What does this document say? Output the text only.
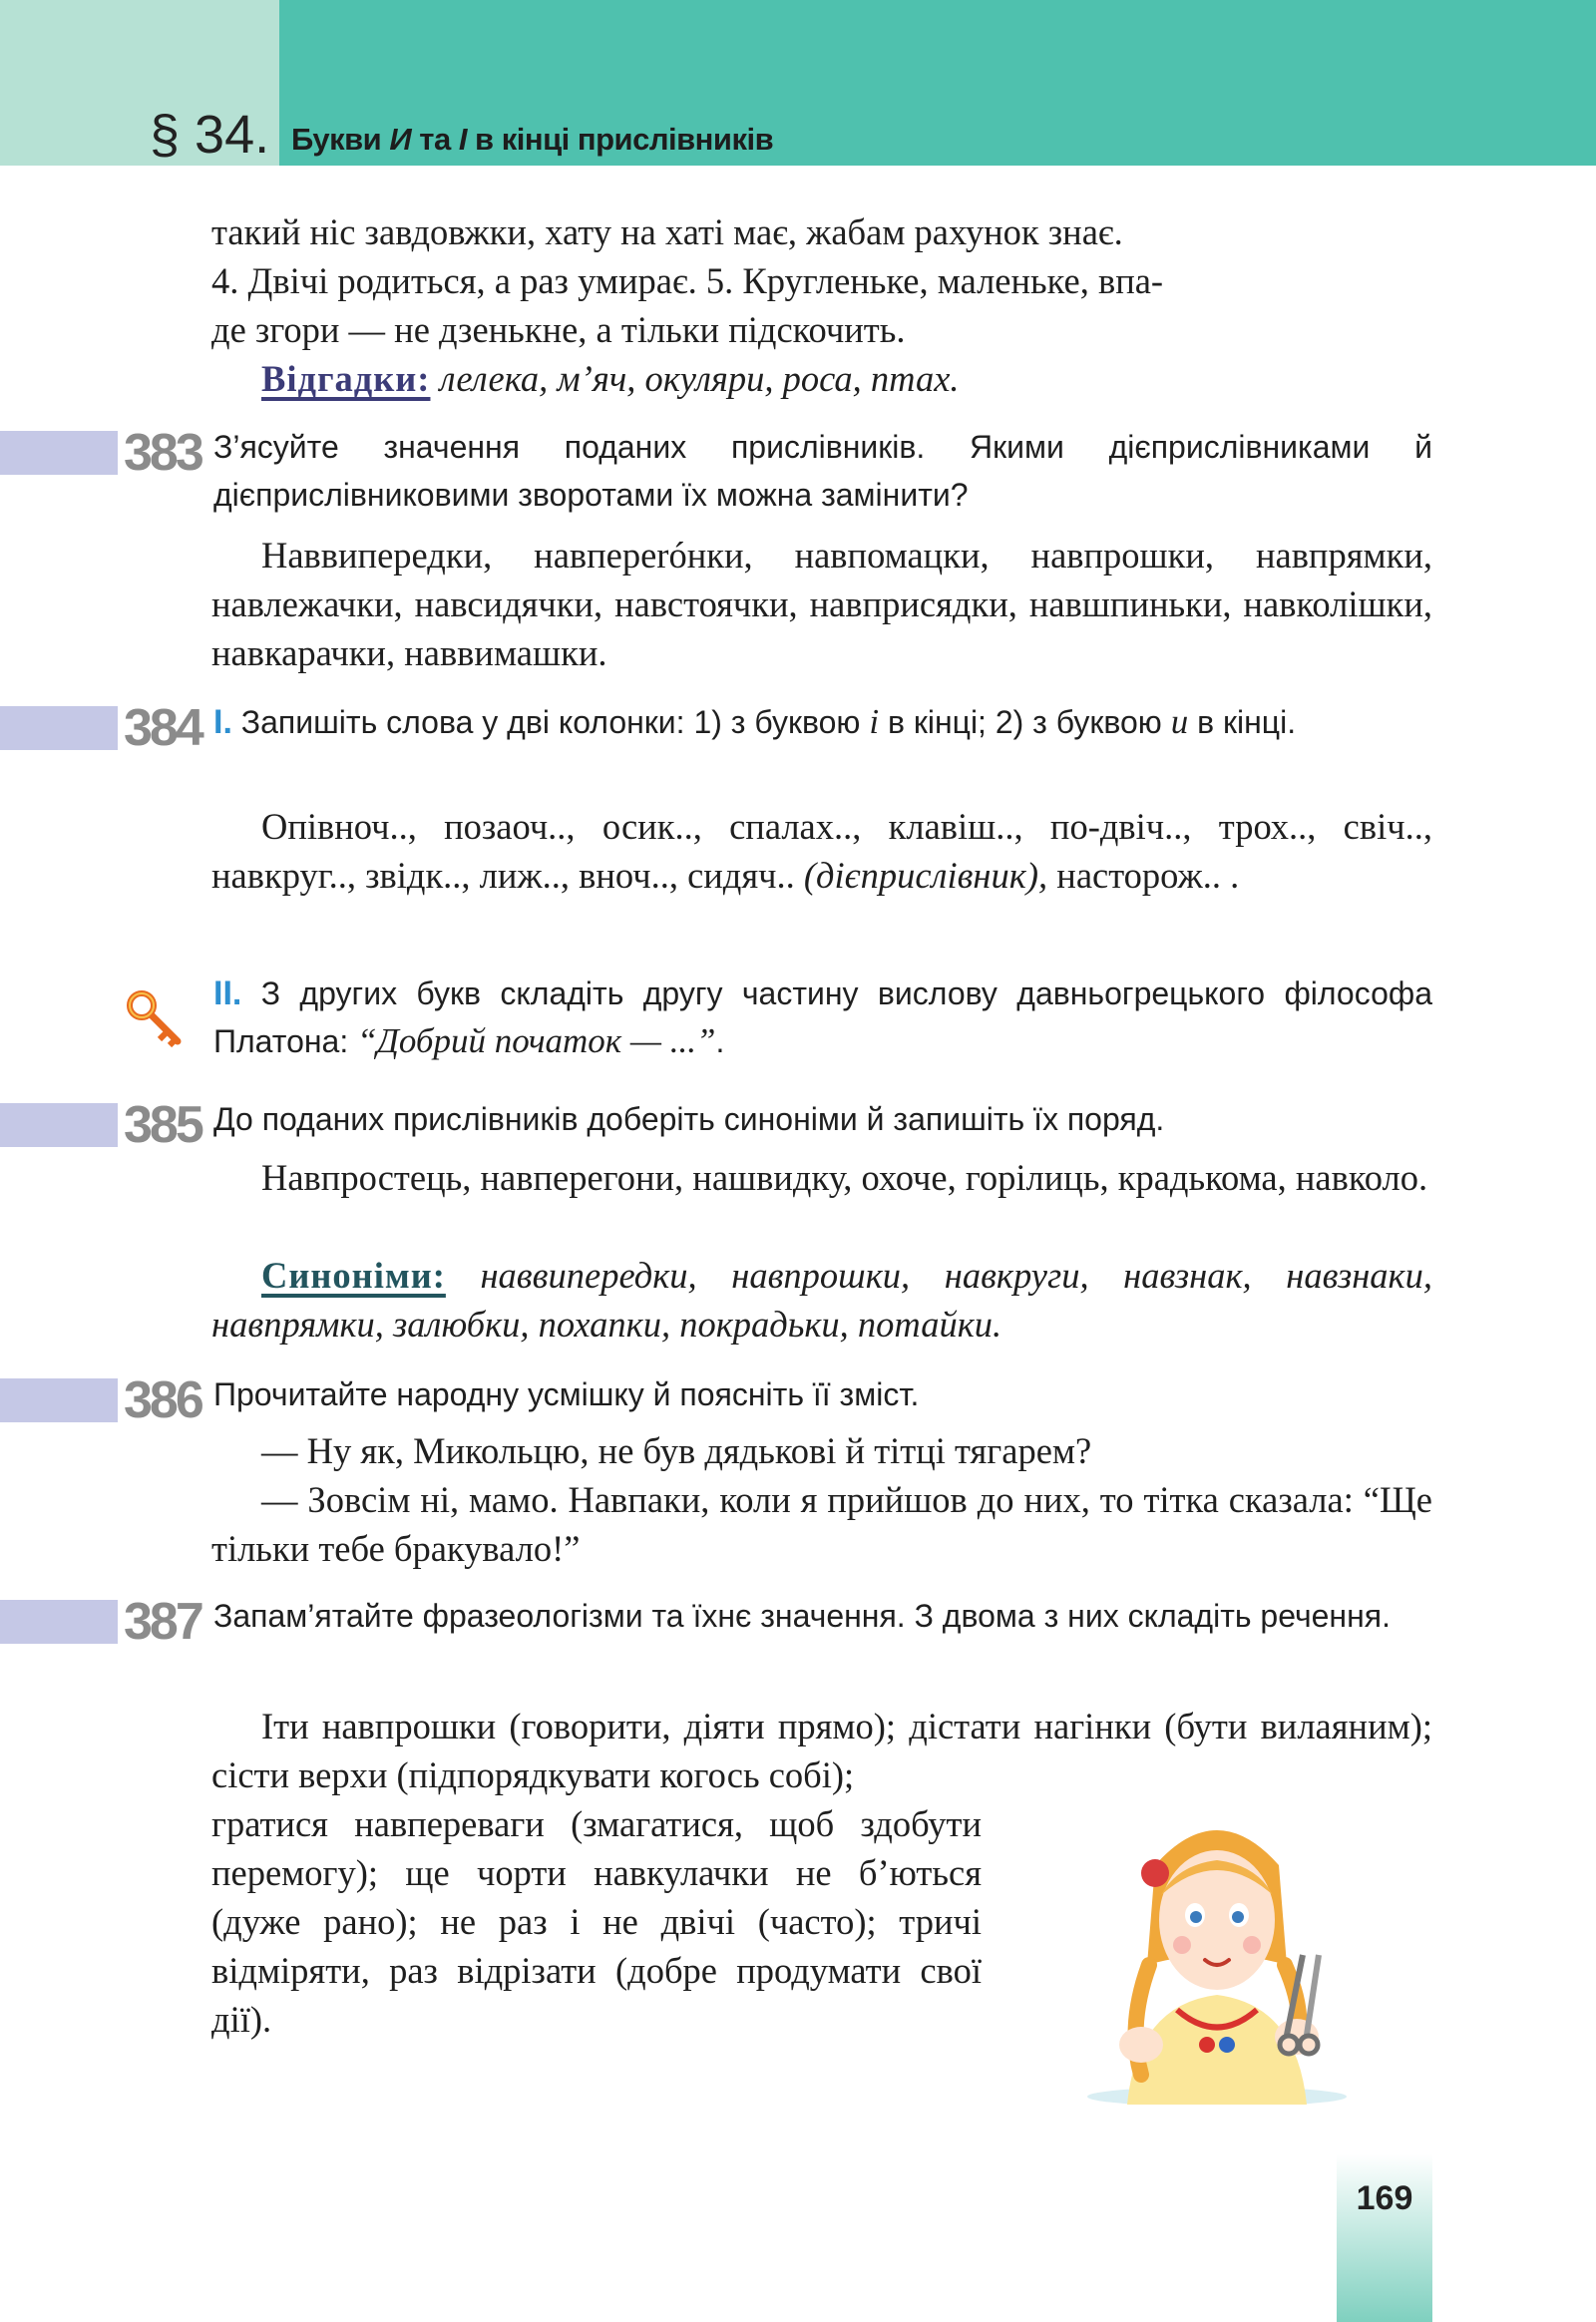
§ 34. Букви И та І в кінці прислівників
такий ніс завдовжки, хату на хаті має, жабам рахунок знає.
4. Двічі родиться, а раз умирає. 5. Кругленьке, маленьке, впа-
де згори — не дзенькне, а тільки підскочить.
Відгадки: лелека, м’яч, окуляри, роса, птах.
383 З’ясуйте значення поданих прислівників. Якими дієприслівниками й дієприслівниковими зворотами їх можна замінити?
Наввипередки, навпереróнки, навпомацки, навпрошки, навпрямки, навлежачки, навсидячки, навстоячки, навприсядки, навшпиньки, навколішки, навкарачки, наввимашки.
384 І. Запишіть слова у дві колонки: 1) з буквою і в кінці; 2) з буквою и в кінці.
Опівноч.., позаоч.., осик.., спалах.., клавіш.., по-двіч.., трох.., свіч.., навкруг.., звідк.., лиж.., вноч.., сидяч.. (дієприслівник), насторож.. .
ІІ. З других букв складіть другу частину вислову давньогрецького філософа Платона: “Добрий початок — ...”.
385 До поданих прислівників доберіть синоніми й запишіть їх поряд.
Навпростець, навперегони, нашвидку, охоче, горілиць, крадькома, навколо.
Синоніми: наввипередки, навпрошки, навкруги, навзнак, навзнаки, навпрямки, залюбки, похапки, покрадьки, потайки.
386 Прочитайте народну усмішку й поясніть її зміст.
— Ну як, Микольцю, не був дядькові й тітці тягарем?
— Зовсім ні, мамо. Навпаки, коли я прийшов до них, то тітка сказала: “Ще тільки тебе бракувало!”
387 Запам’ятайте фразеологізми та їхнє значення. З двома з них складіть речення.
Іти навпрошки (говорити, діяти прямо); дістати нагінки (бути вилаяним); сісти верхи (підпорядкувати когось собі);
гратися навпереваги (змагатися, щоб здобути перемогу); ще чорти навкулачки не б’ються (дуже рано); не раз і не двічі (часто); тричі відміряти, раз відрізати (добре продумати свої дії).
169
